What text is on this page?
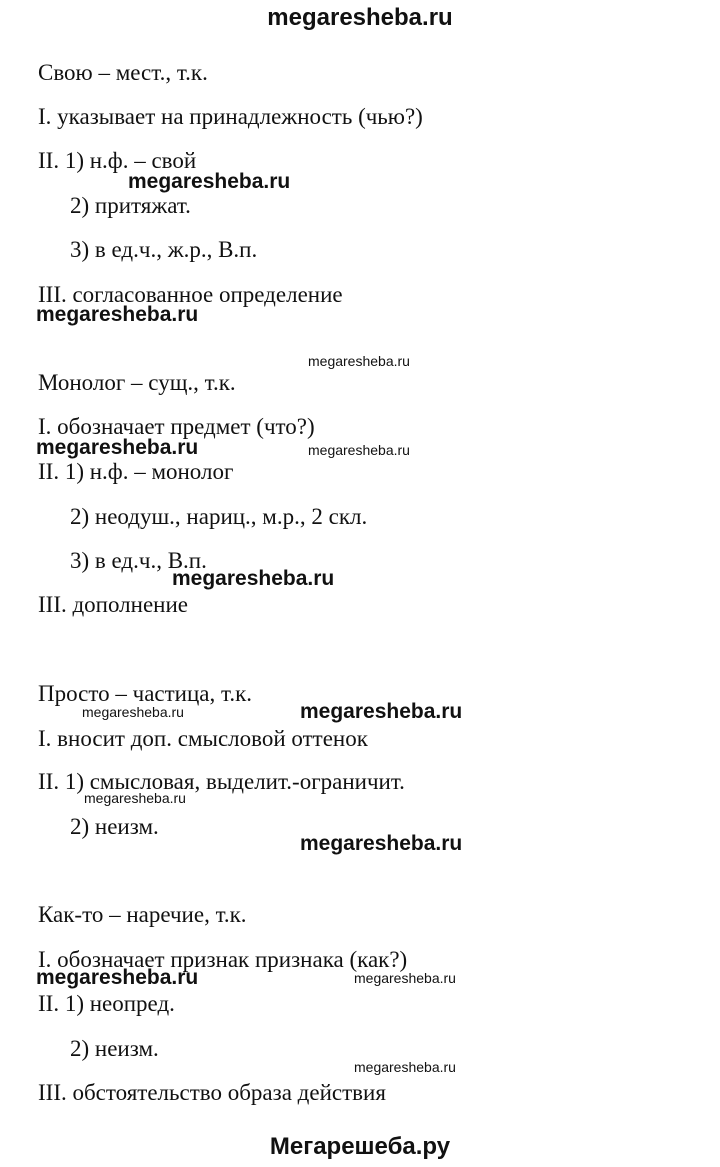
megaresheba.ru
Свою – мест., т.к.
I. указывает на принадлежность (чью?)
II. 1) н.ф. – свой
2) притяжат.
3) в ед.ч., ж.р., В.п.
III. согласованное определение
Монолог – сущ., т.к.
I. обозначает предмет (что?)
II. 1) н.ф. – монолог
2) неодуш., нариц., м.р., 2 скл.
3) в ед.ч., В.п.
III. дополнение
Просто – частица, т.к.
I. вносит доп. смысловой оттенок
II. 1) смысловая, выделит.-ограничит.
2) неизм.
Как-то – наречие, т.к.
I. обозначает признак признака (как?)
II. 1) неопред.
2) неизм.
III. обстоятельство образа действия
megaresheba.ru
megaresheba.ru
megaresheba.ru
megaresheba.ru	megaresheba.ru
megaresheba.ru
megaresheba.ru	megaresheba.ru
megaresheba.ru
megaresheba.ru
megaresheba.ru	megaresheba.ru
megaresheba.ru
Мегарешеба.ру
